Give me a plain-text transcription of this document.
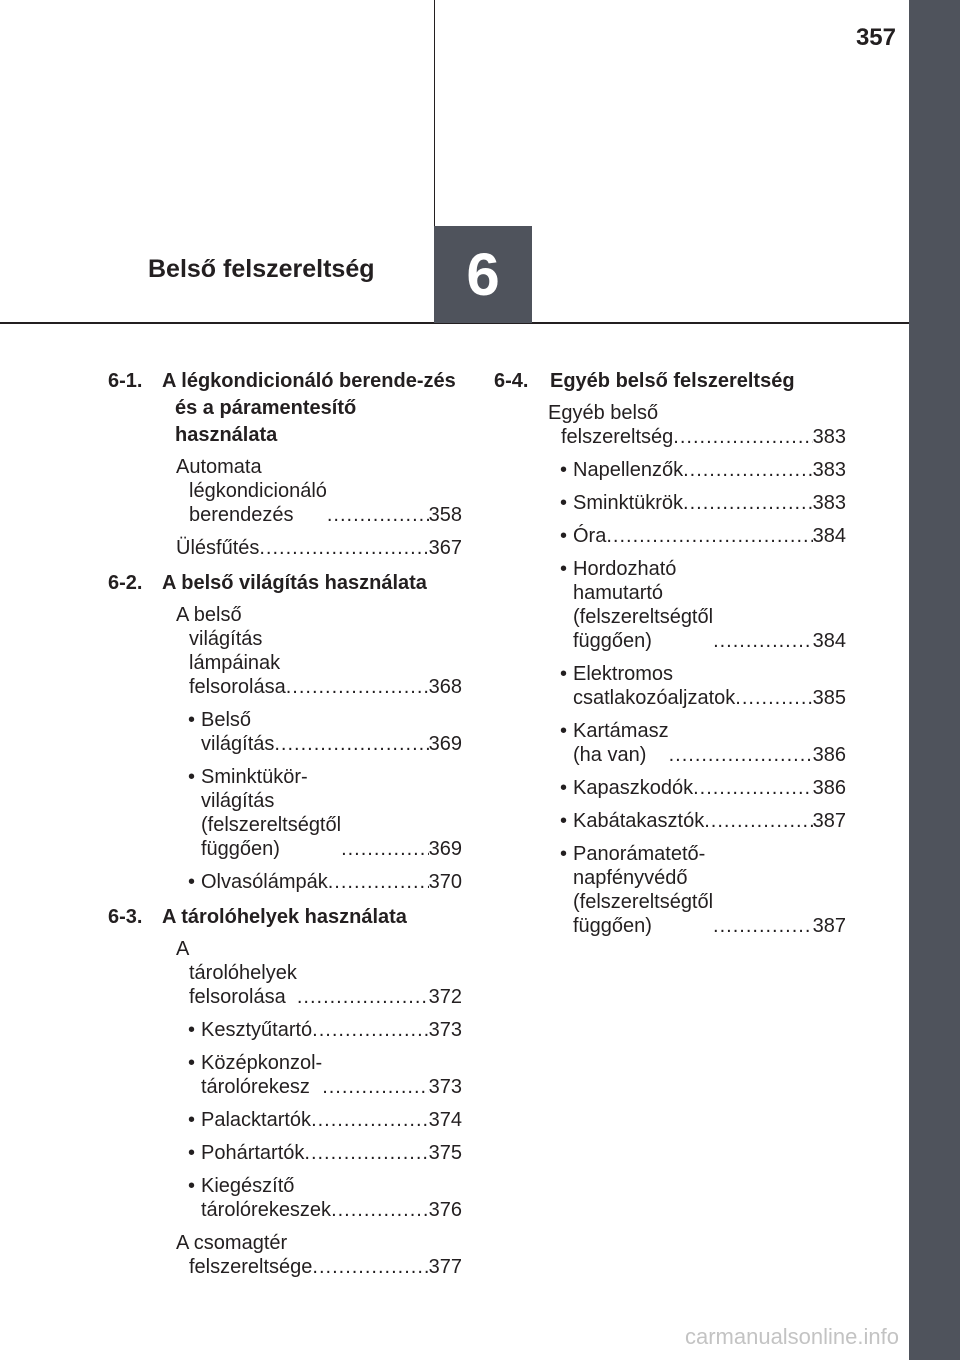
357
Belső felszereltség 6
6-1. A légkondicionáló berende-zés és a páramentesítő használata
Automata légkondicionáló berendezés .....	358
Ülésfűtés .....	367
6-2. A belső világítás használata
A belső világítás lámpáinak felsorolása .....	368
• Belső világítás .....	369
• Sminktükör-világítás (felszereltségtől függően) .....	369
• Olvasólámpák .....	370
6-3. A tárolóhelyek használata
A tárolóhelyek felsorolása .....	372
• Kesztyűtartó .....	373
• Középkonzol-tárolórekesz .....	373
• Palacktartók .....	374
• Pohártartók .....	375
• Kiegészítő tárolórekeszek .....	376
A csomagtér felszereltsége .....	377
6-4. Egyéb belső felszereltség
Egyéb belső felszereltség .....	383
• Napellenzők .....	383
• Sminktükrök .....	383
• Óra .....	384
• Hordozható hamutartó (felszereltségtől függően) .....	384
• Elektromos csatlakozóaljzatok .....	385
• Kartámasz (ha van) .....	386
• Kapaszkodók .....	386
• Kabátakasztók .....	387
• Panorámatető-napfényvédő (felszereltségtől függően) .....	387
carmanualsonline.info
